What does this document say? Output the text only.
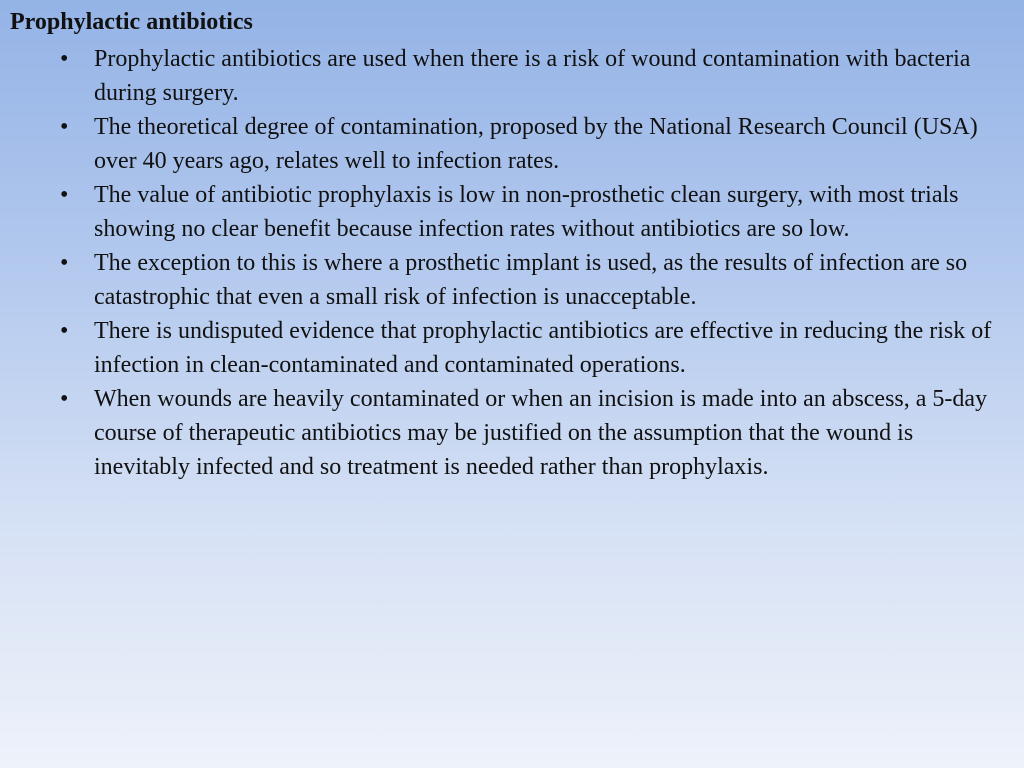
Prophylactic antibiotics
• Prophylactic antibiotics are used when there is a risk of wound contamination with bacteria during surgery.
• The theoretical degree of contamination, proposed by the National Research Council (USA) over 40 years ago, relates well to infection rates.
• The value of antibiotic prophylaxis is low in non-prosthetic clean surgery, with most trials showing no clear benefit because infection rates without antibiotics are so low.
• The exception to this is where a prosthetic implant is used, as the results of infection are so catastrophic that even a small risk of infection is unacceptable.
• There is undisputed evidence that prophylactic antibiotics are effective in reducing the risk of infection in clean-contaminated and contaminated operations.
• When wounds are heavily contaminated or when an incision is made into an abscess, a 5-day course of therapeutic antibiotics may be justified on the assumption that the wound is inevitably infected and so treatment is needed rather than prophylaxis.
